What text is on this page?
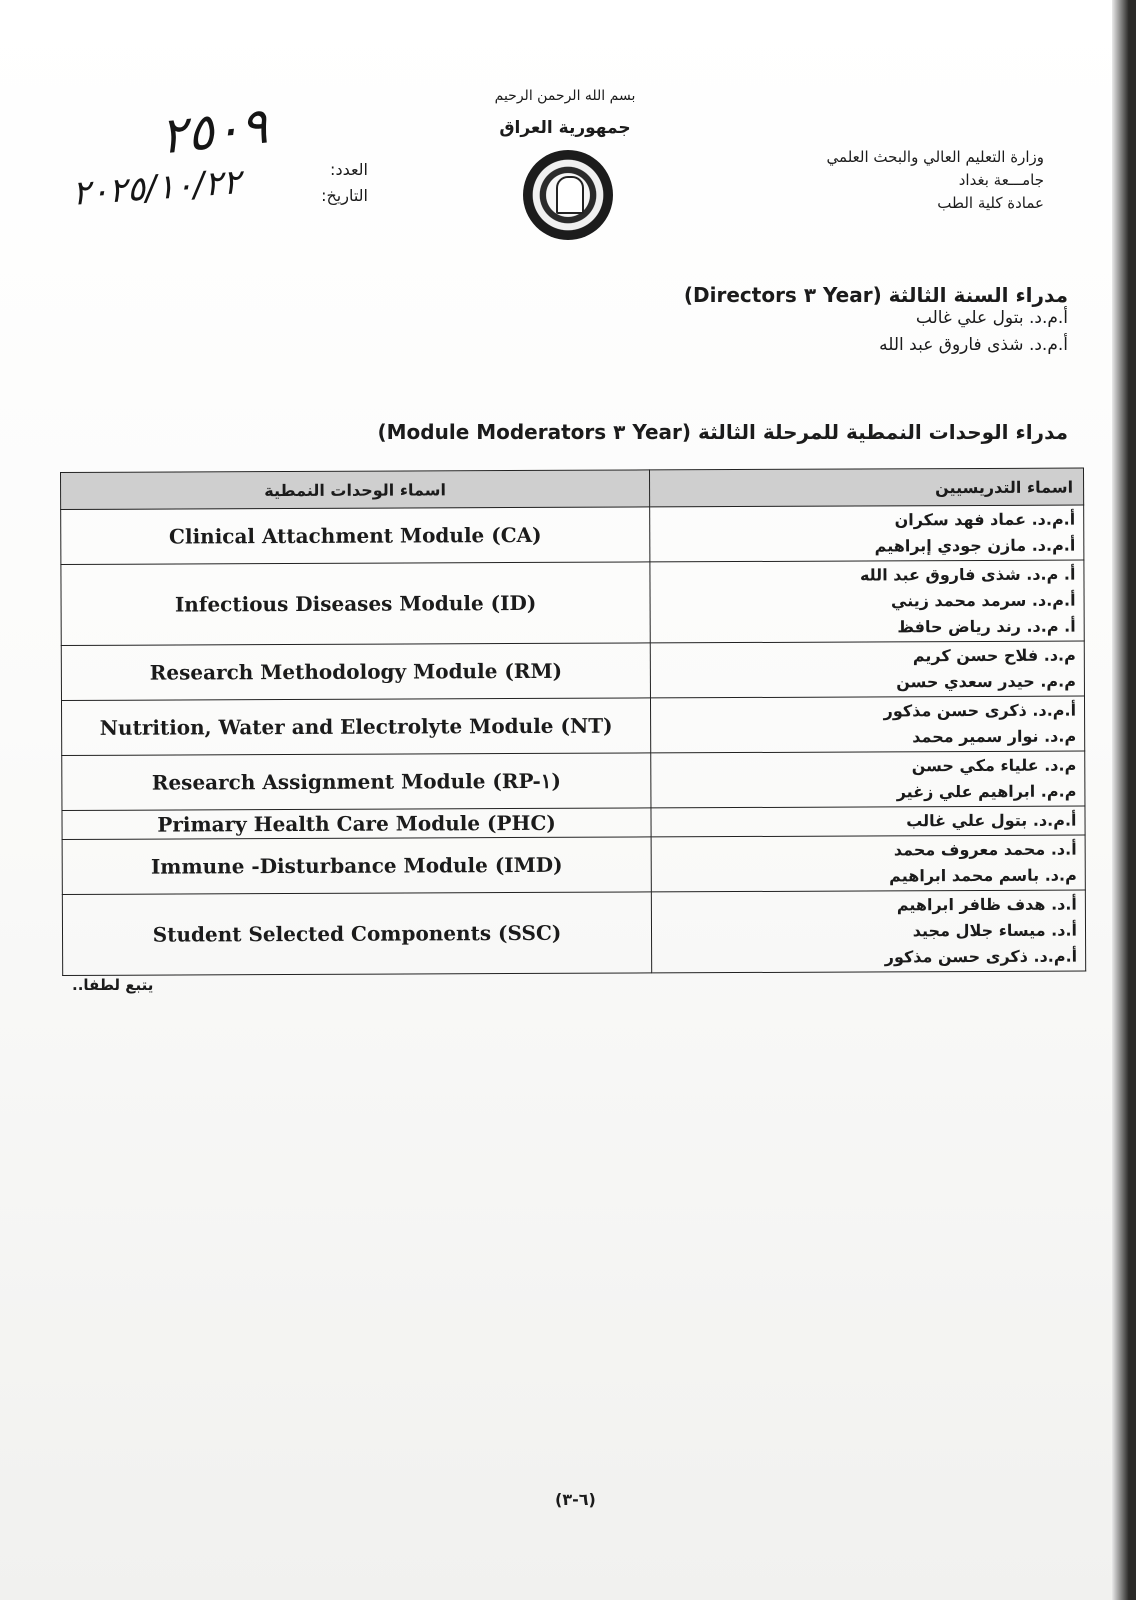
وزارة التعليم العالي والبحث العلمي
جامـــعة بغداد
عمادة كلية الطب
بسم الله الرحمن الرحيم
جمهورية العراق
العدد:
التاريخ:
٢٥٠٩
٢٠٢٥/١٠/٢٢
مدراء السنة الثالثة (Year ٣ Directors)
أ.م.د. بتول علي غالب
أ.م.د. شذى فاروق عبد الله
مدراء الوحدات النمطية للمرحلة الثالثة (Year ٣ Module Moderators)
اسماء الوحدات النمطية	اسماء التدريسيين
Clinical Attachment Module (CA)	أ.م.د. عماد فهد سكران
أ.م.د. مازن جودي إبراهيم

Infectious Diseases Module (ID)	أ. م.د. شذى فاروق عبد الله
أ.م.د. سرمد محمد زيني
أ. م.د. رند رياض حافظ

Research Methodology Module (RM)	م.د. فلاح حسن كريم
م.م. حيدر سعدي حسن

Nutrition, Water and Electrolyte Module (NT)	أ.م.د. ذكرى حسن مذكور
م.د. نوار سمير محمد

Research Assignment Module (RP-١)	م.د. علياء مكي حسن
م.م. ابراهيم علي زغير

Primary Health Care Module (PHC)	أ.م.د. بتول علي غالب

Immune -Disturbance Module (IMD)	أ.د. محمد معروف محمد
م.د. باسم محمد ابراهيم

Student Selected Components (SSC)	أ.د. هدف ظافر ابراهيم
أ.د. ميساء جلال مجيد
أ.م.د. ذكرى حسن مذكور
يتبع لطفا..
(٦-٣)
